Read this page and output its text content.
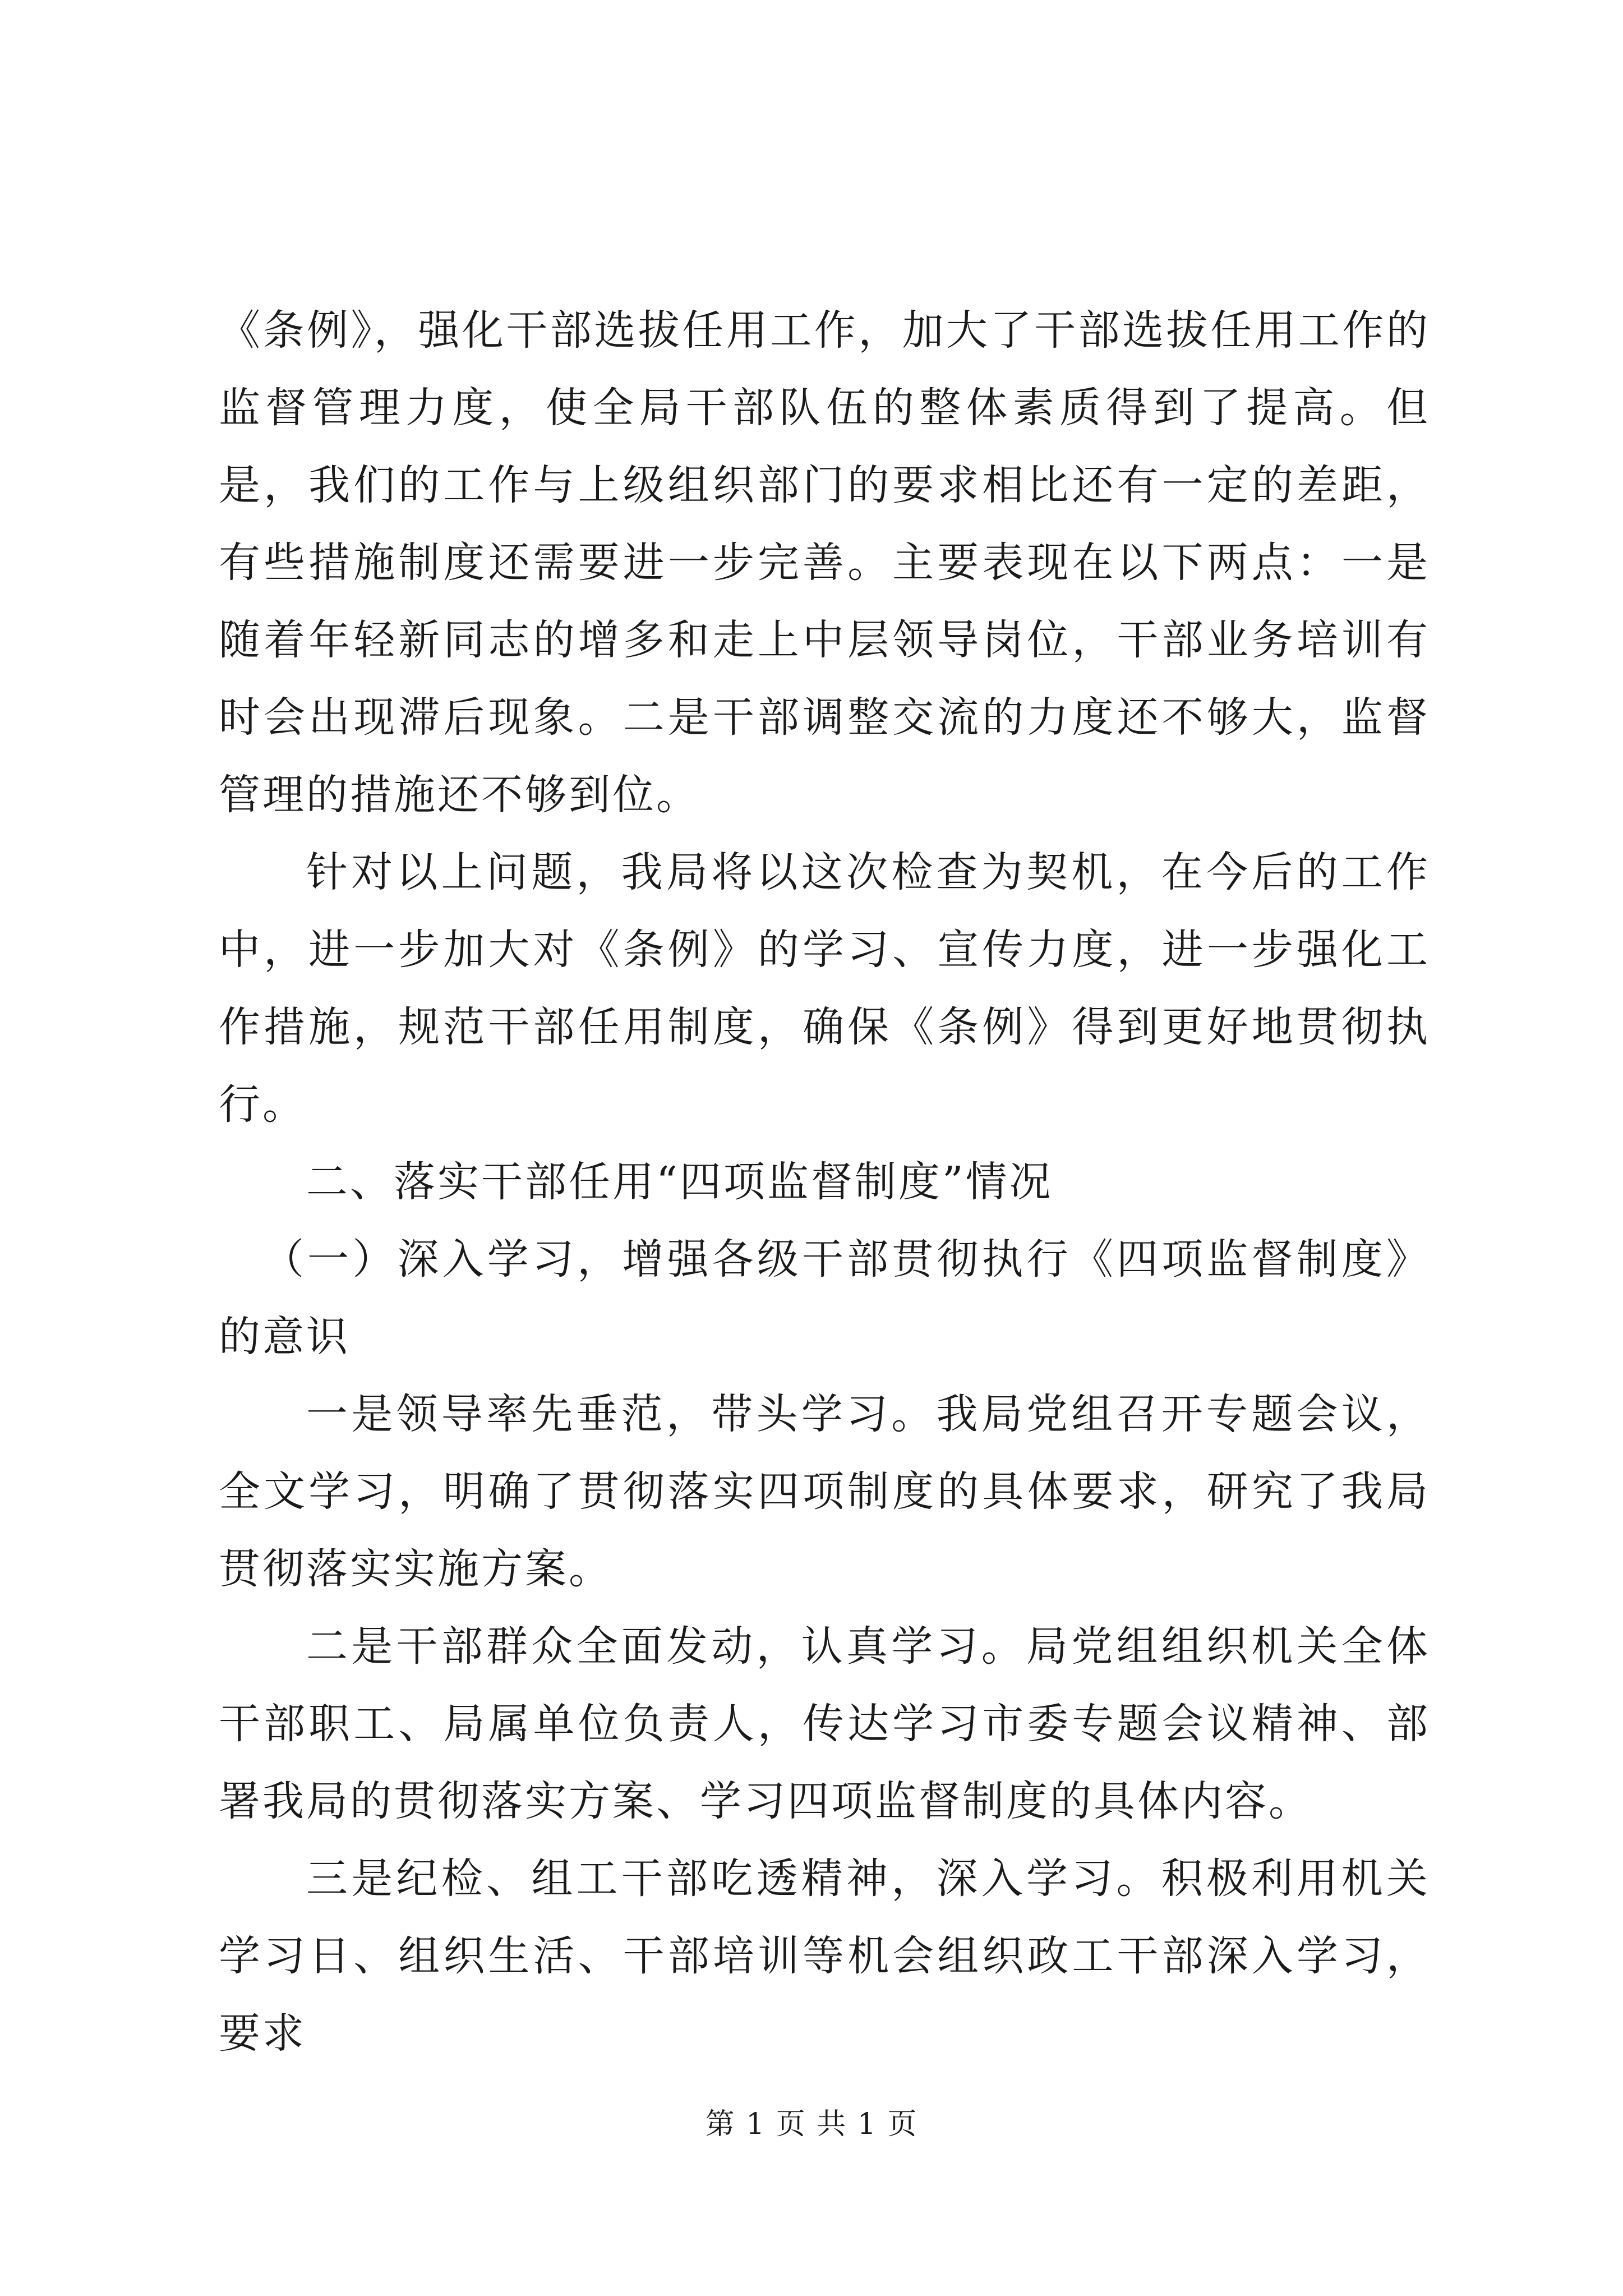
《条例》，强化干部选拔任用工作，加大了干部选拔任用工作的监督管理力度，使全局干部队伍的整体素质得到了提高。但是，我们的工作与上级组织部门的要求相比还有一定的差距，有些措施制度还需要进一步完善。主要表现在以下两点：一是随着年轻新同志的增多和走上中层领导岗位，干部业务培训有时会出现滞后现象。二是干部调整交流的力度还不够大，监督管理的措施还不够到位。

针对以上问题，我局将以这次检查为契机，在今后的工作中，进一步加大对《条例》的学习、宣传力度，进一步强化工作措施，规范干部任用制度，确保《条例》得到更好地贯彻执行。

二、落实干部任用“四项监督制度”情况

（一）深入学习，增强各级干部贯彻执行《四项监督制度》的意识

一是领导率先垂范，带头学习。我局党组召开专题会议，全文学习，明确了贯彻落实四项制度的具体要求，研究了我局贯彻落实实施方案。

二是干部群众全面发动，认真学习。局党组组织机关全体干部职工、局属单位负责人，传达学习市委专题会议精神、部署我局的贯彻落实方案、学习四项监督制度的具体内容。

三是纪检、组工干部吃透精神，深入学习。积极利用机关学习日、组织生活、干部培训等机会组织政工干部深入学习，要求

第 1 页 共 1 页
